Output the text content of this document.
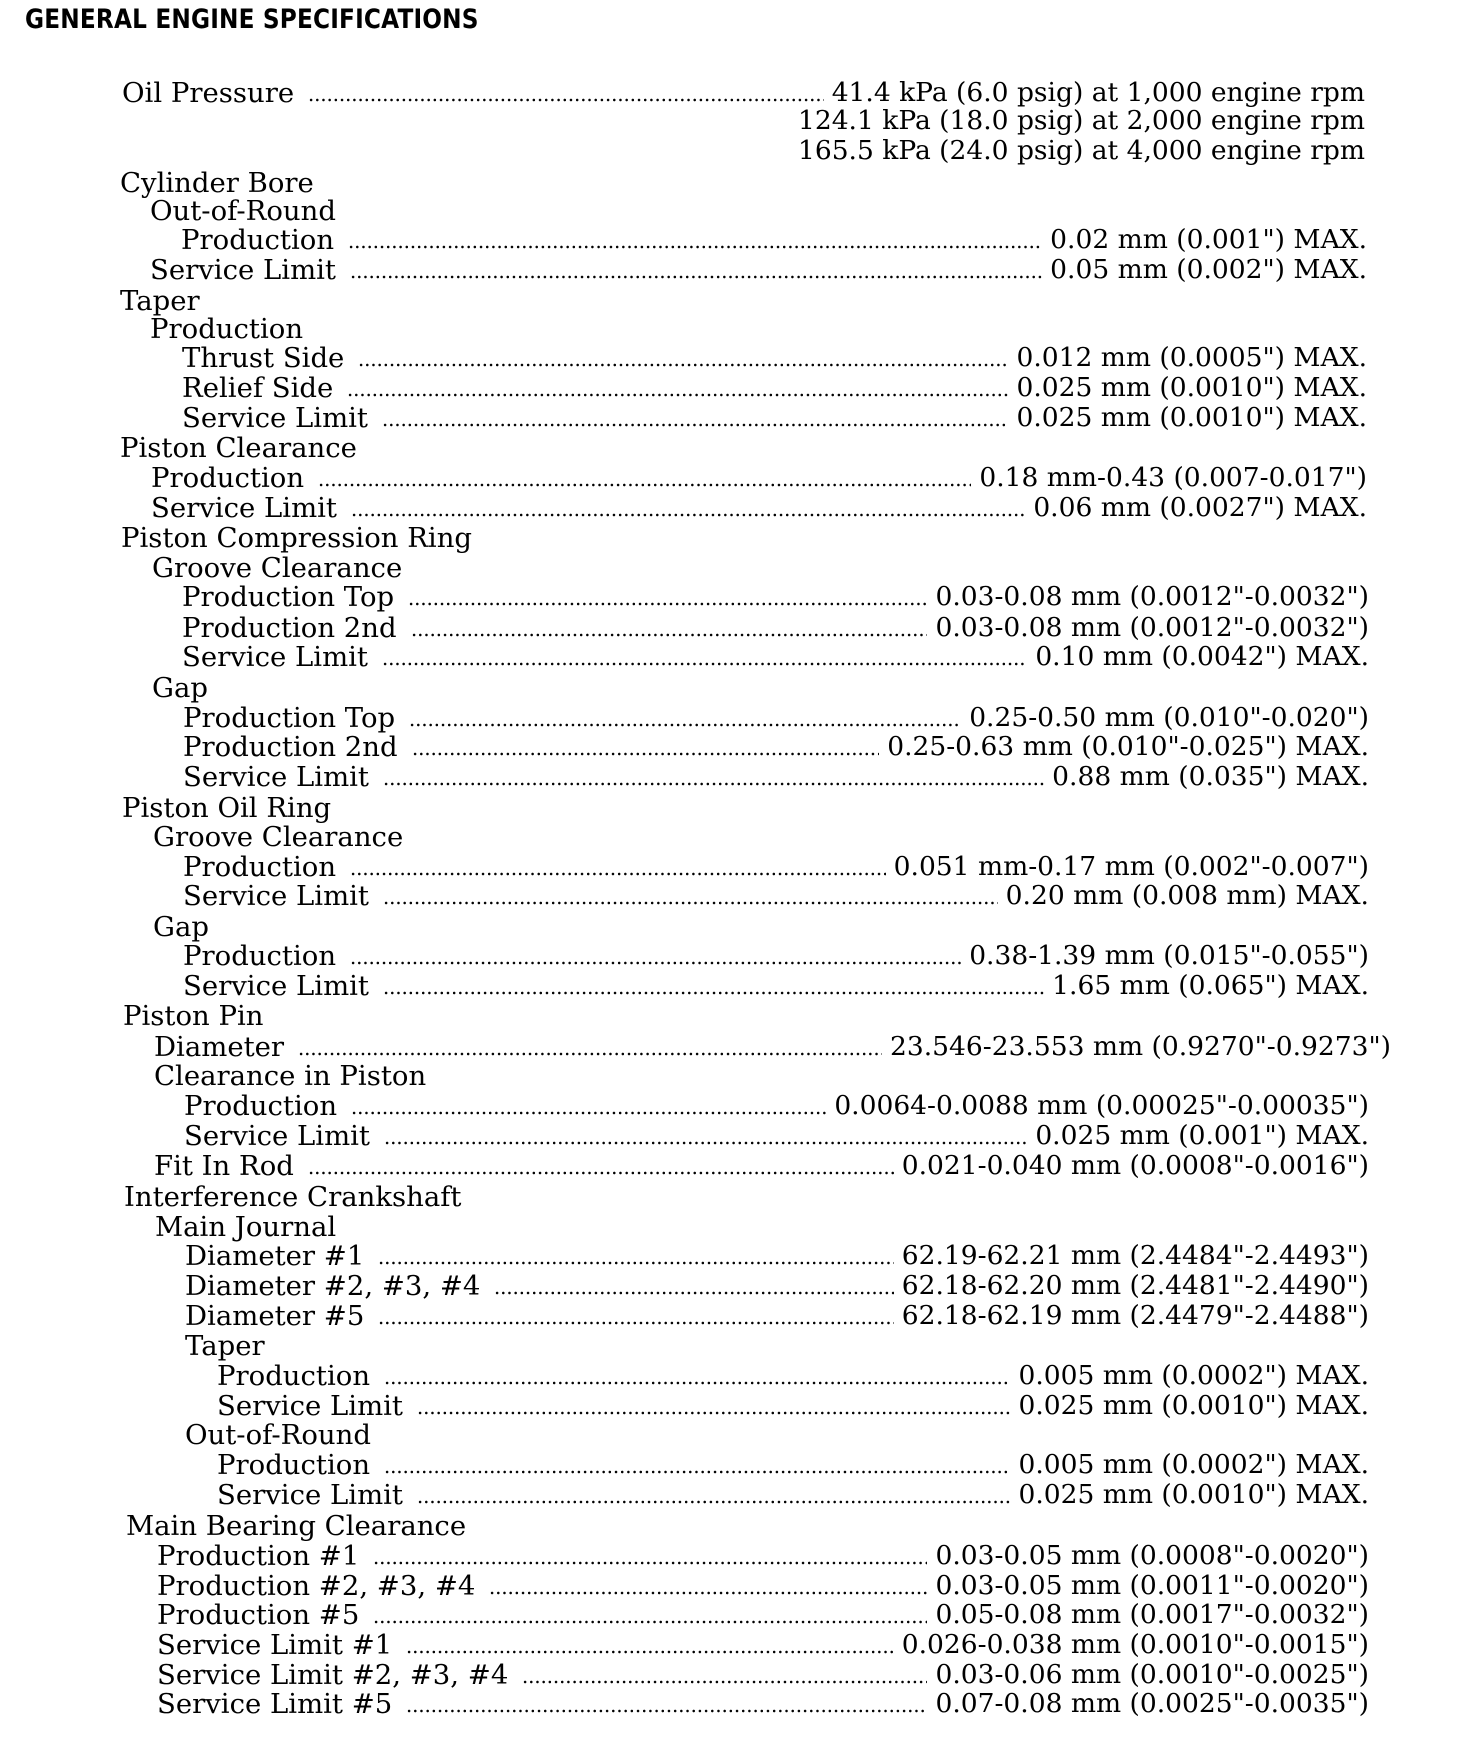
GENERAL ENGINE SPECIFICATIONS
Oil Pressure	41.4 kPa (6.0 psig) at 1,000 engine rpm
124.1 kPa (18.0 psig) at 2,000 engine rpm
165.5 kPa (24.0 psig) at 4,000 engine rpm
Cylinder Bore
Out-of-Round
Production	0.02 mm (0.001") MAX.
Service Limit	0.05 mm (0.002") MAX.
Taper
Production
Thrust Side	0.012 mm (0.0005") MAX.
Relief Side	0.025 mm (0.0010") MAX.
Service Limit	0.025 mm (0.0010") MAX.
Piston Clearance
Production	0.18 mm-0.43 (0.007-0.017")
Service Limit	0.06 mm (0.0027") MAX.
Piston Compression Ring
Groove Clearance
Production Top	0.03-0.08 mm (0.0012"-0.0032")
Production 2nd	0.03-0.08 mm (0.0012"-0.0032")
Service Limit	0.10 mm (0.0042") MAX.
Gap
Production Top	0.25-0.50 mm (0.010"-0.020")
Production 2nd	0.25-0.63 mm (0.010"-0.025") MAX.
Service Limit	0.88 mm (0.035") MAX.
Piston Oil Ring
Groove Clearance
Production	0.051 mm-0.17 mm (0.002"-0.007")
Service Limit	0.20 mm (0.008 mm) MAX.
Gap
Production	0.38-1.39 mm (0.015"-0.055")
Service Limit	1.65 mm (0.065") MAX.
Piston Pin
Diameter	23.546-23.553 mm (0.9270"-0.9273")
Clearance in Piston
Production	0.0064-0.0088 mm (0.00025"-0.00035")
Service Limit	0.025 mm (0.001") MAX.
Fit In Rod	0.021-0.040 mm (0.0008"-0.0016")
Interference Crankshaft
Main Journal
Diameter #1	62.19-62.21 mm (2.4484"-2.4493")
Diameter #2, #3, #4	62.18-62.20 mm (2.4481"-2.4490")
Diameter #5	62.18-62.19 mm (2.4479"-2.4488")
Taper
Production	0.005 mm (0.0002") MAX.
Service Limit	0.025 mm (0.0010") MAX.
Out-of-Round
Production	0.005 mm (0.0002") MAX.
Service Limit	0.025 mm (0.0010") MAX.
Main Bearing Clearance
Production #1	0.03-0.05 mm (0.0008"-0.0020")
Production #2, #3, #4	0.03-0.05 mm (0.0011"-0.0020")
Production #5	0.05-0.08 mm (0.0017"-0.0032")
Service Limit #1	0.026-0.038 mm (0.0010"-0.0015")
Service Limit #2, #3, #4	0.03-0.06 mm (0.0010"-0.0025")
Service Limit #5	0.07-0.08 mm (0.0025"-0.0035")
